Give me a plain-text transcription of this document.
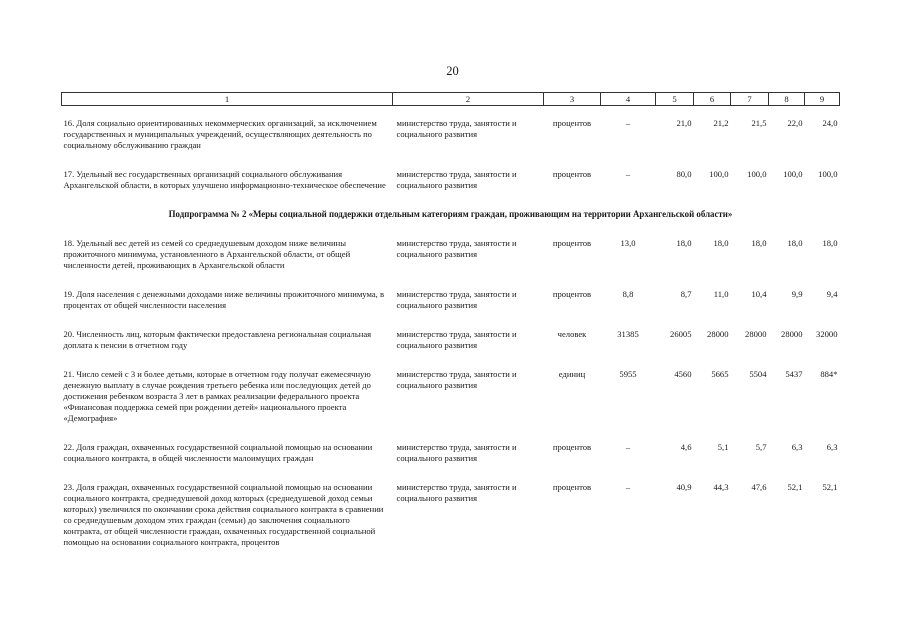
20
1	2	3	4	5	6	7	8	9

16. Доля социально ориентированных некоммерческих организаций, за исключением государственных и муниципальных учреждений, осуществляющих деятельность по социальному обслуживанию граждан	министерство труда, занятости и социального развития	процентов	–	21,0	21,2	21,5	22,0	24,0

17. Удельный вес государственных организаций социального обслуживания Архангельской области, в которых улучшено информационно-техническое обеспечение	министерство труда, занятости и социального развития	процентов	–	80,0	100,0	100,0	100,0	100,0

Подпрограмма № 2 «Меры социальной поддержки отдельным категориям граждан, проживающим на территории Архангельской области»								

18. Удельный вес детей из семей со среднедушевым доходом ниже величины прожиточного минимума, установленного в Архангельской области, от общей численности детей, проживающих в Архангельской области	министерство труда, занятости и социального развития	процентов	13,0	18,0	18,0	18,0	18,0	18,0

19. Доля населения с денежными доходами ниже величины прожиточного минимума, в процентах от общей численности населения	министерство труда, занятости и социального развития	процентов	8,8	8,7	11,0	10,4	9,9	9,4

20. Численность лиц, которым фактически предоставлена региональная социальная доплата к пенсии в отчетном году	министерство труда, занятости и социального развития	человек	31385	26005	28000	28000	28000	32000

21. Число семей с 3 и более детьми, которые в отчетном году получат ежемесячную денежную выплату в случае рождения третьего ребенка или последующих детей до достижения ребенком возраста 3 лет в рамках реализации федерального проекта «Финансовая поддержка семей при рождении детей» национального проекта «Демография»	министерство труда, занятости и социального развития	единиц	5955	4560	5665	5504	5437	884*

22. Доля граждан, охваченных государственной социальной помощью на основании социального контракта, в общей численности малоимущих граждан	министерство труда, занятости и социального развития	процентов	–	4,6	5,1	5,7	6,3	6,3

23. Доля граждан, охваченных государственной социальной помощью на основании социального контракта, среднедушевой доход которых (среднедушевой доход семьи которых) увеличился по окончании срока действия социального контракта в сравнении со среднедушевым доходом этих граждан (семьи) до заключения социального контракта, от общей численности граждан, охваченных государственной социальной помощью на основании социального контракта, процентов	министерство труда, занятости и социального развития	процентов	–	40,9	44,3	47,6	52,1	52,1
